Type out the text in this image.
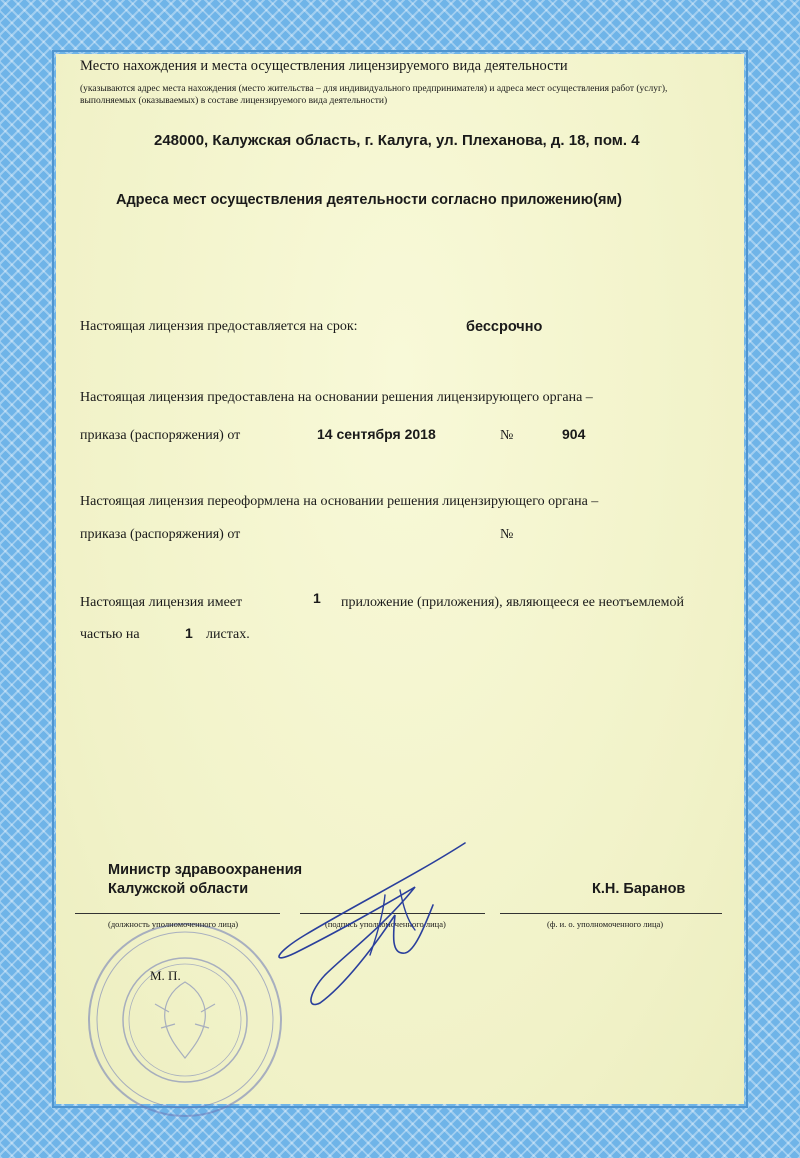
Место нахождения и места осуществления лицензируемого вида деятельности
(указываются адрес места нахождения (место жительства – для индивидуального предпринимателя) и адреса мест осуществления работ (услуг),
выполняемых (оказываемых) в составе лицензируемого вида деятельности)
248000, Калужская область, г. Калуга, ул. Плеханова, д. 18, пом. 4
Адреса мест осуществления деятельности согласно приложению(ям)
Настоящая лицензия предоставляется на срок:	бессрочно
Настоящая лицензия предоставлена на основании решения лицензирующего органа –
приказа (распоряжения) от	14 сентября 2018	№	904
Настоящая лицензия переоформлена на основании решения лицензирующего органа –
приказа (распоряжения) от	№
Настоящая лицензия имеет	1 приложение (приложения), являющееся ее неотъемлемой
частью на	1 листах.
Министр здравоохранения
Калужской области	К.Н. Баранов
(должность уполномоченного лица)	(подпись уполномоченного лица)	(ф. и. о. уполномоченного лица)
М. П.
